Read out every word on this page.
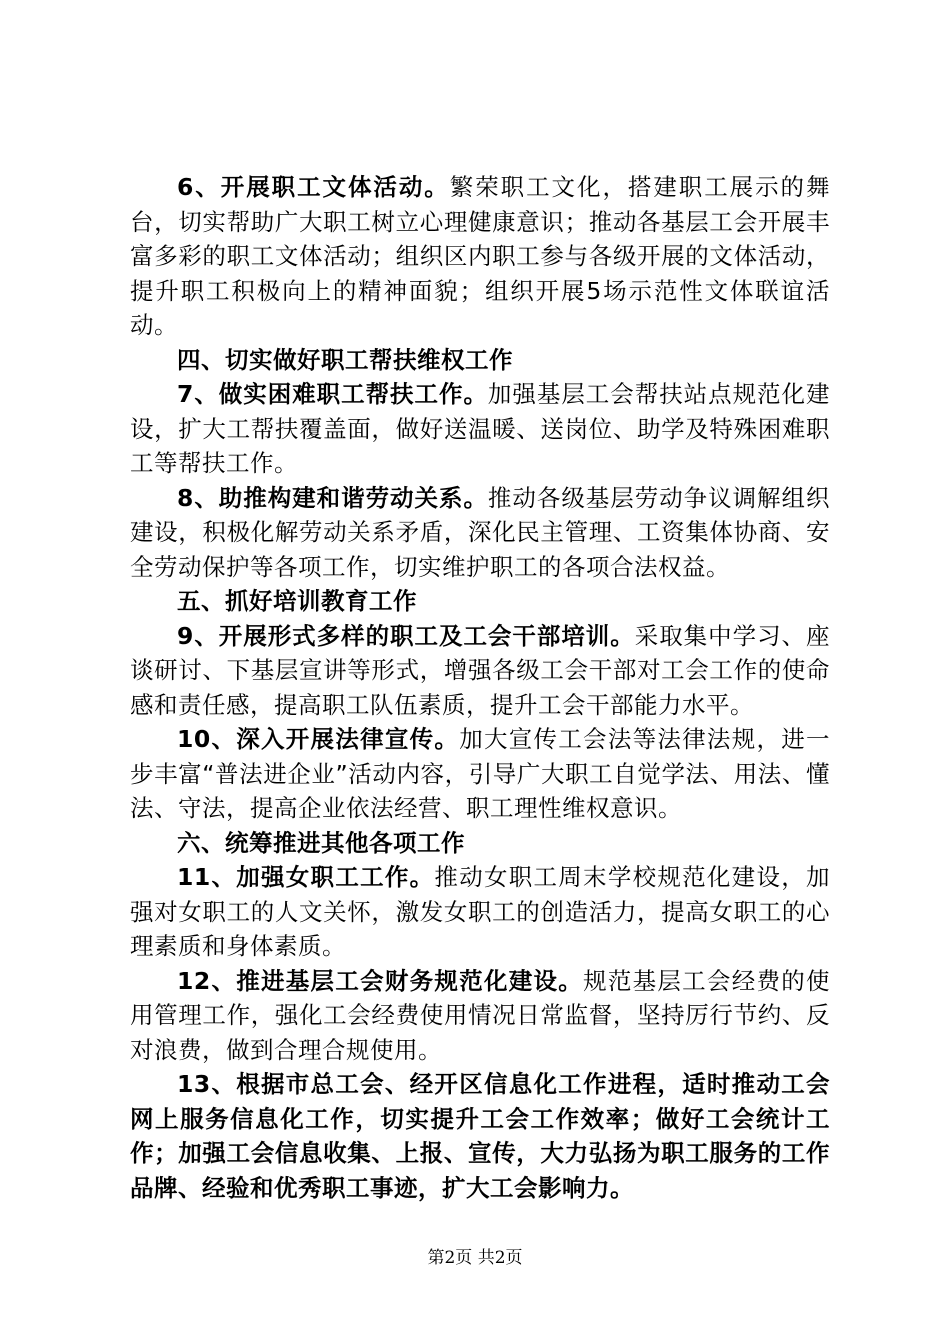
6、开展职工文体活动。繁荣职工文化，搭建职工展示的舞台，切实帮助广大职工树立心理健康意识；推动各基层工会开展丰富多彩的职工文体活动；组织区内职工参与各级开展的文体活动，提升职工积极向上的精神面貌；组织开展5场示范性文体联谊活动。

四、切实做好职工帮扶维权工作

7、做实困难职工帮扶工作。加强基层工会帮扶站点规范化建设，扩大工帮扶覆盖面，做好送温暖、送岗位、助学及特殊困难职工等帮扶工作。

8、助推构建和谐劳动关系。推动各级基层劳动争议调解组织建设，积极化解劳动关系矛盾，深化民主管理、工资集体协商、安全劳动保护等各项工作，切实维护职工的各项合法权益。

五、抓好培训教育工作

9、开展形式多样的职工及工会干部培训。采取集中学习、座谈研讨、下基层宣讲等形式，增强各级工会干部对工会工作的使命感和责任感，提高职工队伍素质，提升工会干部能力水平。

10、深入开展法律宣传。加大宣传工会法等法律法规，进一步丰富“普法进企业”活动内容，引导广大职工自觉学法、用法、懂法、守法，提高企业依法经营、职工理性维权意识。

六、统筹推进其他各项工作

11、加强女职工工作。推动女职工周末学校规范化建设，加强对女职工的人文关怀，激发女职工的创造活力，提高女职工的心理素质和身体素质。

12、推进基层工会财务规范化建设。规范基层工会经费的使用管理工作，强化工会经费使用情况日常监督，坚持厉行节约、反对浪费，做到合理合规使用。

13、根据市总工会、经开区信息化工作进程，适时推动工会网上服务信息化工作，切实提升工会工作效率；做好工会统计工作；加强工会信息收集、上报、宣传，大力弘扬为职工服务的工作品牌、经验和优秀职工事迹，扩大工会影响力。

第2页 共2页
